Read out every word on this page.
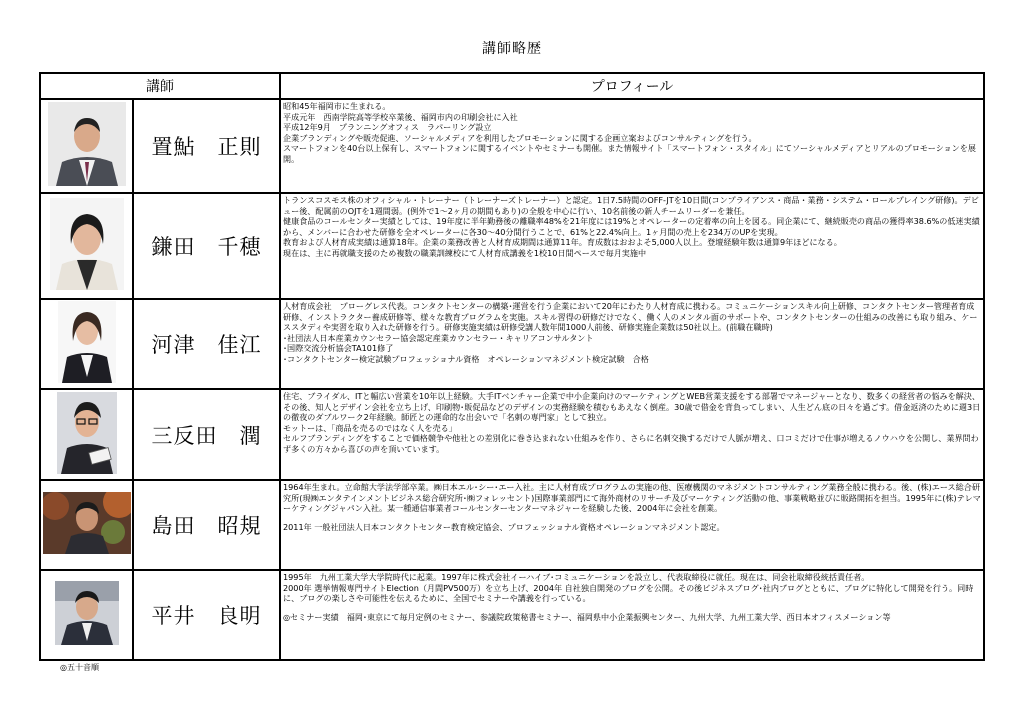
講師略歴
講師		プロフィール
	置鮎　正則	昭和45年福岡市に生まれる。

平成元年　西南学院高等学校卒業後、福岡市内の印刷会社に入社

平成12年9月　プランニングオフィス　ラパーリング設立

企業ブランディングや販売促進、ソーシャルメディアを利用したプロモーションに関する企画立案およびコンサルティングを行う。

スマートフォンを40台以上保有し、スマートフォンに関するイベントやセミナーも開催。また情報サイト「スマートフォン・スタイル」にてソーシャルメディアとリアルのプロモーションを展開。

	鎌田　千穂	トランスコスモス株のオフィシャル・トレーナー（トレーナーズトレーナー）と認定。1日7.5時間のOFF-JTを10日間(コンプライアンス・商品・業務・システム・ロールプレイング研修)。デビュー後、配属前のOJTを1週間弱。(例外で1～2ヶ月の期間もあり)の全般を中心に行い、10名前後の新人チームリーダーを兼任。

健康食品のコールセンター実績としては、19年度に半年勤務後の離職率48%を21年度には19%とオペレーターの定着率の向上を図る。同企業にて、継続販売の商品の獲得率38.6%の低迷実績から、メンバーに合わせた研修を全オペレーターに各30～40分間行うことで、61%と22.4%向上。1ヶ月間の売上を234万のUPを実現。

教育および人材育成実績は通算18年。企業の業務改善と人材育成期間は通算11年。育成数はおおよそ5,000人以上。登壇経験年数は通算9年ほどになる。

現在は、主に再就職支援のため複数の職業訓練校にて人材育成講義を1校10日間ペースで毎月実施中

	河津　佳江	人材育成会社　プローグレス代表。コンタクトセンターの構築･運営を行う企業において20年にわたり人材育成に携わる。コミュニケーションスキル向上研修、コンタクトセンター管理者育成研修、インストラクター養成研修等、様々な教育プログラムを実施。スキル習得の研修だけでなく、働く人のメンタル面のサポートや、コンタクトセンターの仕組みの改善にも取り組み、ケーススタディや実習を取り入れた研修を行う。研修実施実績は研修受講人数年間1000人前後、研修実施企業数は50社以上。(前職在職時)

･社団法人日本産業カウンセラー協会認定産業カウンセラー・キャリアコンサルタント

･国際交流分析協会TA101修了

･コンタクトセンター検定試験プロフェッショナル資格　オペレーションマネジメント検定試験　合格

	三反田　潤	住宅、ブライダル、ITと幅広い営業を10年以上経験。大手ITベンチャー企業で中小企業向けのマーケティングとWEB営業支援をする部署でマネージャーとなり、数多くの経営者の悩みを解決、その後、知人とデザイン会社を立ち上げ、印刷物･販促品などのデザインの実務経験を積むもあえなく倒産。30歳で借金を背負ってしまい、人生どん底の日々を過ごす。借金返済のために週3日の徹夜のダブルワーク2年経験。師匠との運命的な出会いで「名刺の専門家」として独立。

モットーは、「商品を売るのではなく人を売る」

セルフブランディングをすることで価格競争や他社との差別化に巻き込まれない仕組みを作り、さらに名刺交換するだけで人脈が増え、口コミだけで仕事が増えるノウハウを公開し、業界問わず多くの方々から喜びの声を頂いています。

	島田　昭規	1964年生まれ。立命館大学法学部卒業。㈱日本エル･シー･エー入社。主に人材育成プログラムの実施の他、医療機関のマネジメントコンサルティング業務全般に携わる。後、(株)エース総合研究所(現㈱エンタテインメントビジネス総合研究所･㈱フォレッセント)国際事業部門にて海外商材のリサーチ及びマーケティング活動の他、事業戦略並びに販路開拓を担当。1995年に(株)テレマーケティングジャパン入社。某一種通信事業者コールセンターセンターマネジャーを経験した後、2004年に会社を創業。

2011年 一般社団法人日本コンタクトセンター教育検定協会、プロフェッショナル資格オペレーションマネジメント認定。

	平井　良明	1995年　九州工業大学大学院時代に起業。1997年に株式会社イーハイブ･コミュニケーションを設立し、代表取締役に就任。現在は、同会社取締役統括責任者。

2000年 選挙情報専門サイトElection（月間PV500万）を立ち上げ、2004年 自社独自開発のブログを公開。その後ビジネスブログ･社内ブログとともに、ブログに特化して開発を行う。同時に、ブログの楽しさや可能性を伝えるために、全国でセミナーや講義を行っている。

◎セミナー実績　福岡･東京にて毎月定例のセミナー、参議院政策秘書セミナー、福岡県中小企業振興センター、九州大学、九州工業大学、西日本オフィスメーション等

◎五十音順
